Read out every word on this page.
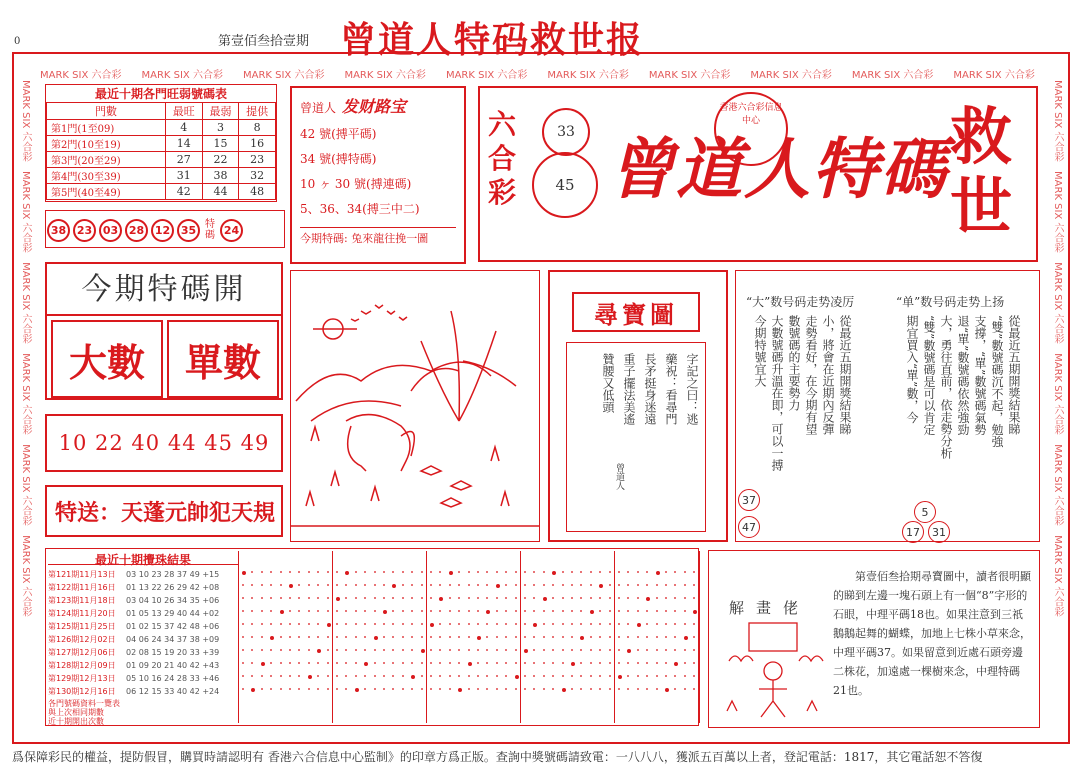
0	第壹佰叁拾壹期 曾道人特码救世报
MARK SIX 六合彩 MARK SIX 六合彩 MARK SIX 六合彩 MARK SIX 六合彩 MARK SIX 六合彩 MARK SIX 六合彩 MARK SIX 六合彩 MARK SIX 六合彩 MARK SIX 六合彩 MARK SIX 六合彩
MARK SIX 六合彩   MARK SIX 六合彩   MARK SIX 六合彩   MARK SIX 六合彩   MARK SIX 六合彩   MARK SIX 六合彩
MARK SIX 六合彩   MARK SIX 六合彩   MARK SIX 六合彩   MARK SIX 六合彩   MARK SIX 六合彩   MARK SIX 六合彩
最近十期各門旺弱號碼表
門數	最旺	最弱	提供
第1門(1至09)	4	3	8
第2門(10至19)	14	15	16
第3門(20至29)	27	22	23
第4門(30至39)	31	38	32
第5門(40至49)	42	44	48
38 23 03 28 12 35 特碼 24
曾道人 发财路宝
42 號(搏平碼)
34 號(搏特碼)
10 ヶ 30 號(搏連碼)
5、36、34(搏三中二)
今期特碼: 兔來龍往挽一圖
六合彩
33
45
香港六合彩信息中心
曾道人特碼 救世
今期特碼開
大數	單數
10 22 40 44 45 49
特送：天蓬元帥犯天規
尋寶圖
字記之曰：逃
藥祝：看尋門
長矛挺身迷遠
重子擺法美遙
贊腰又低頭
曾道人
“大”数号码走势凌厉	“单”数号码走势上扬
從最近五期開獎結果睇
小，將會在近期內反彈
走勢看好，在今期有望
數號碼的主要勢力
大數號碼升溫在即，可以一搏
今期特號宜大	從最近五期開獎結果睇
“雙”數號碼沉不起，勉強
支撐，“單”數號碼氣勢
退“單”數號碼依然強勁
大，勇往直前，依走勢分析
“雙”數號碼是可以肯定
期宜買入“單”數，今
37
47
5
17	31
最近十期攪珠結果
第121期11月13日 03 10 23 28 37 49 +15
第122期11月16日 01 13 22 26 29 42 +08
第123期11月18日 03 04 10 26 34 35 +06
第124期11月20日 01 05 13 29 40 44 +02
第125期11月25日 01 02 15 37 42 48 +06
第126期12月02日 04 06 24 34 37 38 +09
第127期12月06日 02 08 15 19 20 33 +39
第128期12月09日 01 09 20 21 40 42 +43
第129期12月13日 05 10 16 24 28 33 +46
第130期12月16日 06 12 15 33 40 42 +24
各門號碼資料一覽表
與上次相同期數
近十期開出次數
解畫佬
第壹佰叁拾期尋寶圖中，讀者很明顯的睇到左邊一塊石頭上有一個“8”字形的石眼，中理平碼18也。如果注意到三祇鵝鵝起舞的蝴蝶，加地上七株小草來念，中理平碼37。如果留意到近處石頭旁邊二株花，加遠處一棵樹來念，中理特碼21也。
爲保障彩民的權益，提防假冒，購買時請認明有 香港六合信息中心監制》的印章方爲正版。查詢中獎號碼請致電：一八八八，獲派五百萬以上者，登記電話：1817，其它電話恕不答復
